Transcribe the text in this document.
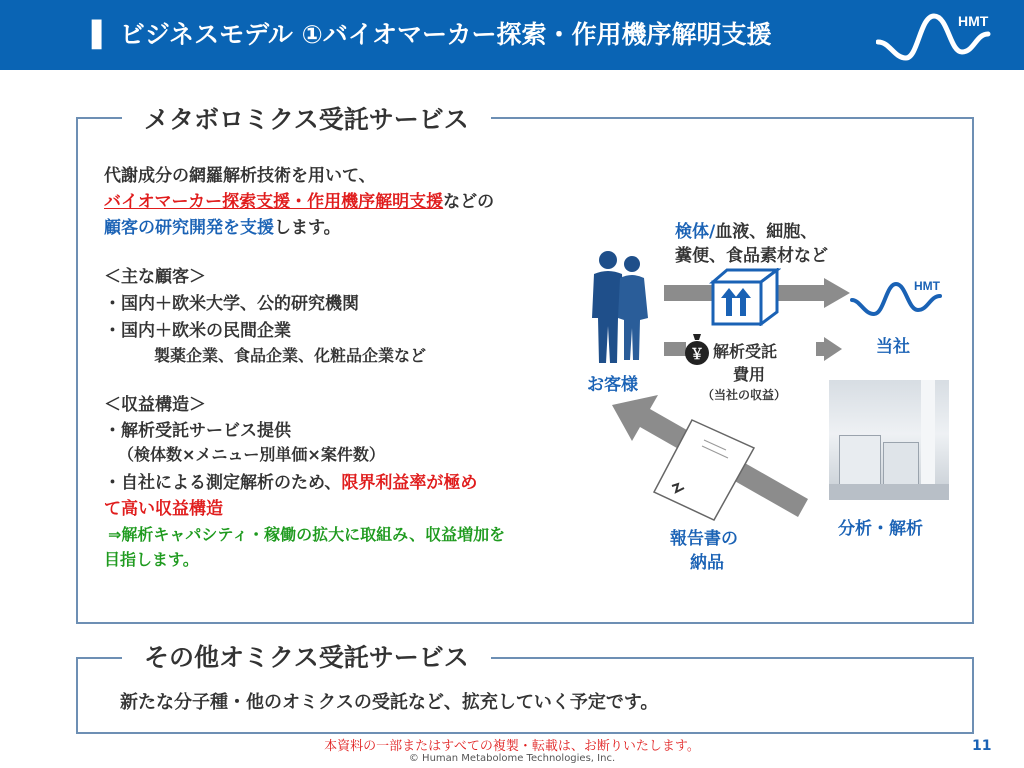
▌ ビジネスモデル ①バイオマーカー探索・作用機序解明支援	HMT
メタボロミクス受託サービス
代謝成分の網羅解析技術を用いて、
バイオマーカー探索支援・作用機序解明支援などの
顧客の研究開発を支援します。
＜主な顧客＞
・国内＋欧米大学、公的研究機関
・国内＋欧米の民間企業
製薬企業、食品企業、化粧品企業など
＜収益構造＞
・解析受託サービス提供
（検体数×メニュー別単価×案件数）
・自社による測定解析のため、限界利益率が極め
て高い収益構造
⇒解析キャパシティ・稼働の拡大に取組み、収益増加を
目指します。
お客様
検体/血液、細胞、
糞便、食品素材など
HMT
当社
￥ 解析受託
費用
（当社の収益）
分析・解析
報告書の
納品
その他オミクス受託サービス
新たな分子種・他のオミクスの受託など、拡充していく予定です。
本資料の一部またはすべての複製・転載は、お断りいたします。
© Human Metabolome Technologies, Inc.
11
